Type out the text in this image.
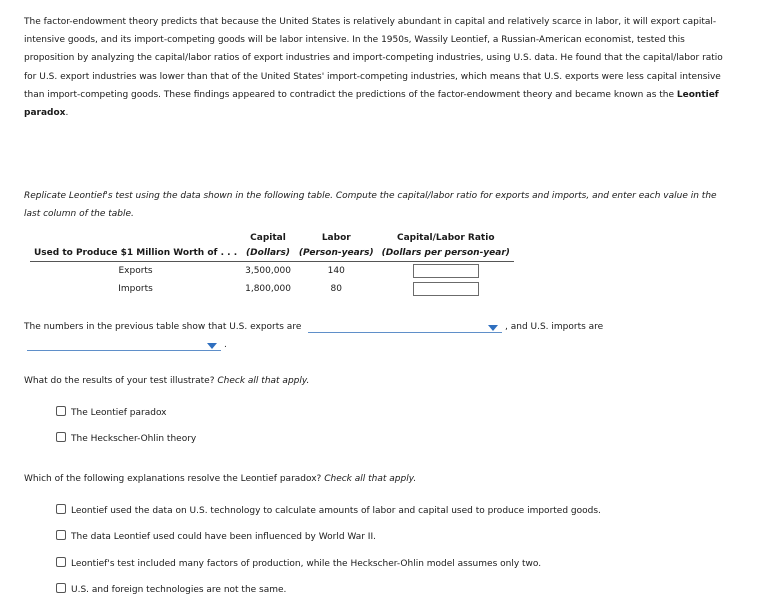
The factor-endowment theory predicts that because the United States is relatively abundant in capital and relatively scarce in labor, it will export capital-intensive goods, and its import-competing goods will be labor intensive. In the 1950s, Wassily Leontief, a Russian-American economist, tested this proposition by analyzing the capital/labor ratios of export industries and import-competing industries, using U.S. data. He found that the capital/labor ratio for U.S. export industries was lower than that of the United States' import-competing industries, which means that U.S. exports were less capital intensive than import-competing goods. These findings appeared to contradict the predictions of the factor-endowment theory and became known as the Leontief paradox.
Replicate Leontief's test using the data shown in the following table. Compute the capital/labor ratio for exports and imports, and enter each value in the last column of the table.
	Capital	Labor	Capital/Labor Ratio
Used to Produce $1 Million Worth of . . .	(Dollars)	(Person-years)	(Dollars per person-year)
Exports	3,500,000	140	
Imports	1,800,000	80	
The numbers in the previous table show that U.S. exports are	, and U.S. imports are
.
What do the results of your test illustrate? Check all that apply.
The Leontief paradox
The Heckscher-Ohlin theory
Which of the following explanations resolve the Leontief paradox? Check all that apply.
Leontief used the data on U.S. technology to calculate amounts of labor and capital used to produce imported goods.
The data Leontief used could have been influenced by World War II.
Leontief's test included many factors of production, while the Heckscher-Ohlin model assumes only two.
U.S. and foreign technologies are not the same.
